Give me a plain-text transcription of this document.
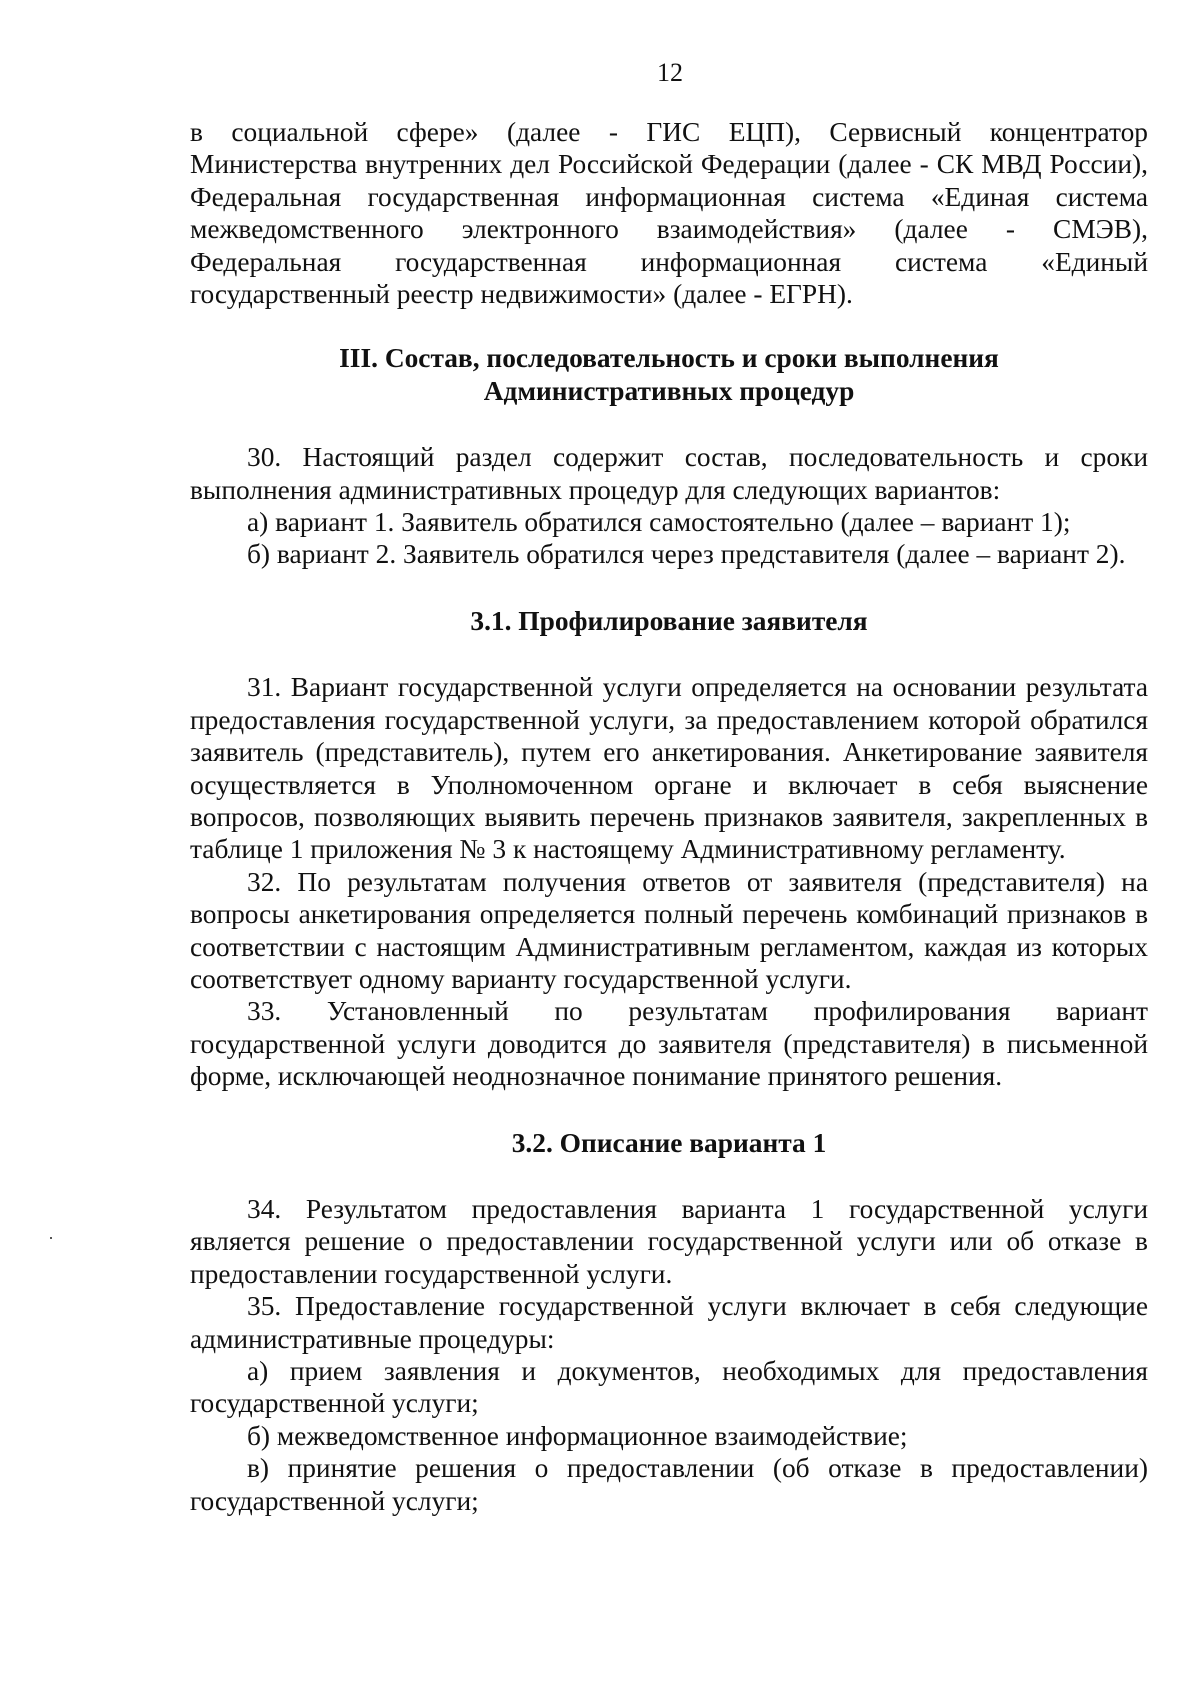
12

в социальной сфере» (далее - ГИС ЕЦП), Сервисный концентратор Министерства внутренних дел Российской Федерации (далее - СК МВД России), Федеральная государственная информационная система «Единая система межведомственного электронного взаимодействия» (далее - СМЭВ), Федеральная государственная информационная система «Единый государственный реестр недвижимости» (далее - ЕГРН).

III. Состав, последовательность и сроки выполнения

Административных процедур

30. Настоящий раздел содержит состав, последовательность и сроки выполнения административных процедур для следующих вариантов:

а) вариант 1. Заявитель обратился самостоятельно (далее – вариант 1);

б) вариант 2. Заявитель обратился через представителя (далее – вариант 2).

3.1. Профилирование заявителя

31. Вариант государственной услуги определяется на основании результата предоставления государственной услуги, за предоставлением которой обратился заявитель (представитель), путем его анкетирования. Анкетирование заявителя осуществляется в Уполномоченном органе и включает в себя выяснение вопросов, позволяющих выявить перечень признаков заявителя, закрепленных в таблице 1 приложения № 3 к настоящему Административному регламенту.

32. По результатам получения ответов от заявителя (представителя) на вопросы анкетирования определяется полный перечень комбинаций признаков в соответствии с настоящим Административным регламентом, каждая из которых соответствует одному варианту государственной услуги.

33. Установленный по результатам профилирования вариант государственной услуги доводится до заявителя (представителя) в письменной форме, исключающей неоднозначное понимание принятого решения.

3.2. Описание варианта 1

34. Результатом предоставления варианта 1 государственной услуги является решение о предоставлении государственной услуги или об отказе в предоставлении государственной услуги.

35. Предоставление государственной услуги включает в себя следующие административные процедуры:

а) прием заявления и документов, необходимых для предоставления государственной услуги;

б) межведомственное информационное взаимодействие;

в) принятие решения о предоставлении (об отказе в предоставлении) государственной услуги;
